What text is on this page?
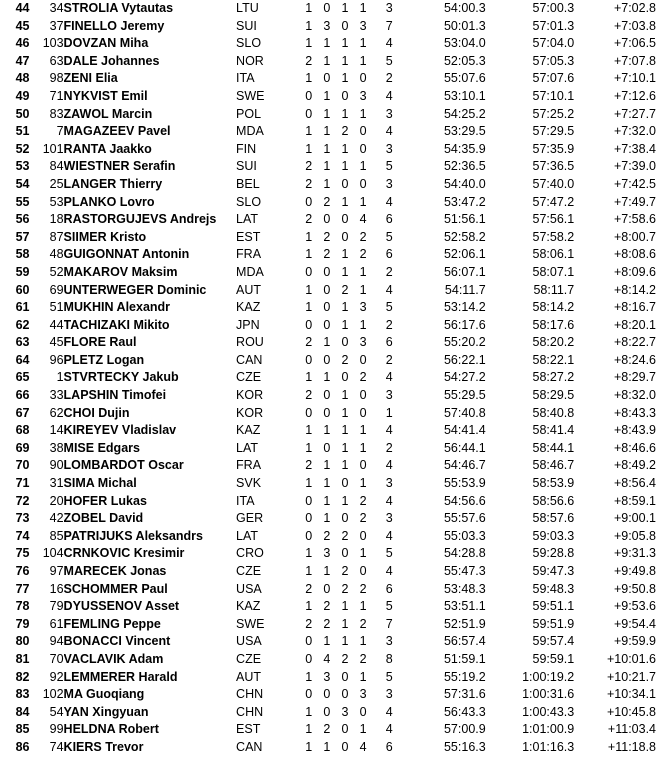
44	34	STROLIA Vytautas	LTU	1	0	1	1	3	54:00.3	57:00.3	+7:02.8
45	37	FINELLO Jeremy	SUI	1	3	0	3	7	50:01.3	57:01.3	+7:03.8
46	103	DOVZAN Miha	SLO	1	1	1	1	4	53:04.0	57:04.0	+7:06.5
47	63	DALE Johannes	NOR	2	1	1	1	5	52:05.3	57:05.3	+7:07.8
48	98	ZENI Elia	ITA	1	0	1	0	2	55:07.6	57:07.6	+7:10.1
49	71	NYKVIST Emil	SWE	0	1	0	3	4	53:10.1	57:10.1	+7:12.6
50	83	ZAWOL Marcin	POL	0	1	1	1	3	54:25.2	57:25.2	+7:27.7
51	7	MAGAZEEV Pavel	MDA	1	1	2	0	4	53:29.5	57:29.5	+7:32.0
52	101	RANTA Jaakko	FIN	1	1	1	0	3	54:35.9	57:35.9	+7:38.4
53	84	WIESTNER Serafin	SUI	2	1	1	1	5	52:36.5	57:36.5	+7:39.0
54	25	LANGER Thierry	BEL	2	1	0	0	3	54:40.0	57:40.0	+7:42.5
55	53	PLANKO Lovro	SLO	0	2	1	1	4	53:47.2	57:47.2	+7:49.7
56	18	RASTORGUJEVS Andrejs	LAT	2	0	0	4	6	51:56.1	57:56.1	+7:58.6
57	87	SIIMER Kristo	EST	1	2	0	2	5	52:58.2	57:58.2	+8:00.7
58	48	GUIGONNAT Antonin	FRA	1	2	1	2	6	52:06.1	58:06.1	+8:08.6
59	52	MAKAROV Maksim	MDA	0	0	1	1	2	56:07.1	58:07.1	+8:09.6
60	69	UNTERWEGER Dominic	AUT	1	0	2	1	4	54:11.7	58:11.7	+8:14.2
61	51	MUKHIN Alexandr	KAZ	1	0	1	3	5	53:14.2	58:14.2	+8:16.7
62	44	TACHIZAKI Mikito	JPN	0	0	1	1	2	56:17.6	58:17.6	+8:20.1
63	45	FLORE Raul	ROU	2	1	0	3	6	55:20.2	58:20.2	+8:22.7
64	96	PLETZ Logan	CAN	0	0	2	0	2	56:22.1	58:22.1	+8:24.6
65	1	STVRTECKY Jakub	CZE	1	1	0	2	4	54:27.2	58:27.2	+8:29.7
66	33	LAPSHIN Timofei	KOR	2	0	1	0	3	55:29.5	58:29.5	+8:32.0
67	62	CHOI Dujin	KOR	0	0	1	0	1	57:40.8	58:40.8	+8:43.3
68	14	KIREYEV Vladislav	KAZ	1	1	1	1	4	54:41.4	58:41.4	+8:43.9
69	38	MISE Edgars	LAT	1	0	1	1	2	56:44.1	58:44.1	+8:46.6
70	90	LOMBARDOT Oscar	FRA	2	1	1	0	4	54:46.7	58:46.7	+8:49.2
71	31	SIMA Michal	SVK	1	1	0	1	3	55:53.9	58:53.9	+8:56.4
72	20	HOFER Lukas	ITA	0	1	1	2	4	54:56.6	58:56.6	+8:59.1
73	42	ZOBEL David	GER	0	1	0	2	3	55:57.6	58:57.6	+9:00.1
74	85	PATRIJUKS Aleksandrs	LAT	0	2	2	0	4	55:03.3	59:03.3	+9:05.8
75	104	CRNKOVIC Kresimir	CRO	1	3	0	1	5	54:28.8	59:28.8	+9:31.3
76	97	MARECEK Jonas	CZE	1	1	2	0	4	55:47.3	59:47.3	+9:49.8
77	16	SCHOMMER Paul	USA	2	0	2	2	6	53:48.3	59:48.3	+9:50.8
78	79	DYUSSENOV Asset	KAZ	1	2	1	1	5	53:51.1	59:51.1	+9:53.6
79	61	FEMLING Peppe	SWE	2	2	1	2	7	52:51.9	59:51.9	+9:54.4
80	94	BONACCI Vincent	USA	0	1	1	1	3	56:57.4	59:57.4	+9:59.9
81	70	VACLAVIK Adam	CZE	0	4	2	2	8	51:59.1	59:59.1	+10:01.6
82	92	LEMMERER Harald	AUT	1	3	0	1	5	55:19.2	1:00:19.2	+10:21.7
83	102	MA Guoqiang	CHN	0	0	0	3	3	57:31.6	1:00:31.6	+10:34.1
84	54	YAN Xingyuan	CHN	1	0	3	0	4	56:43.3	1:00:43.3	+10:45.8
85	99	HELDNA Robert	EST	1	2	0	1	4	57:00.9	1:01:00.9	+11:03.4
86	74	KIERS Trevor	CAN	1	1	0	4	6	55:16.3	1:01:16.3	+11:18.8
